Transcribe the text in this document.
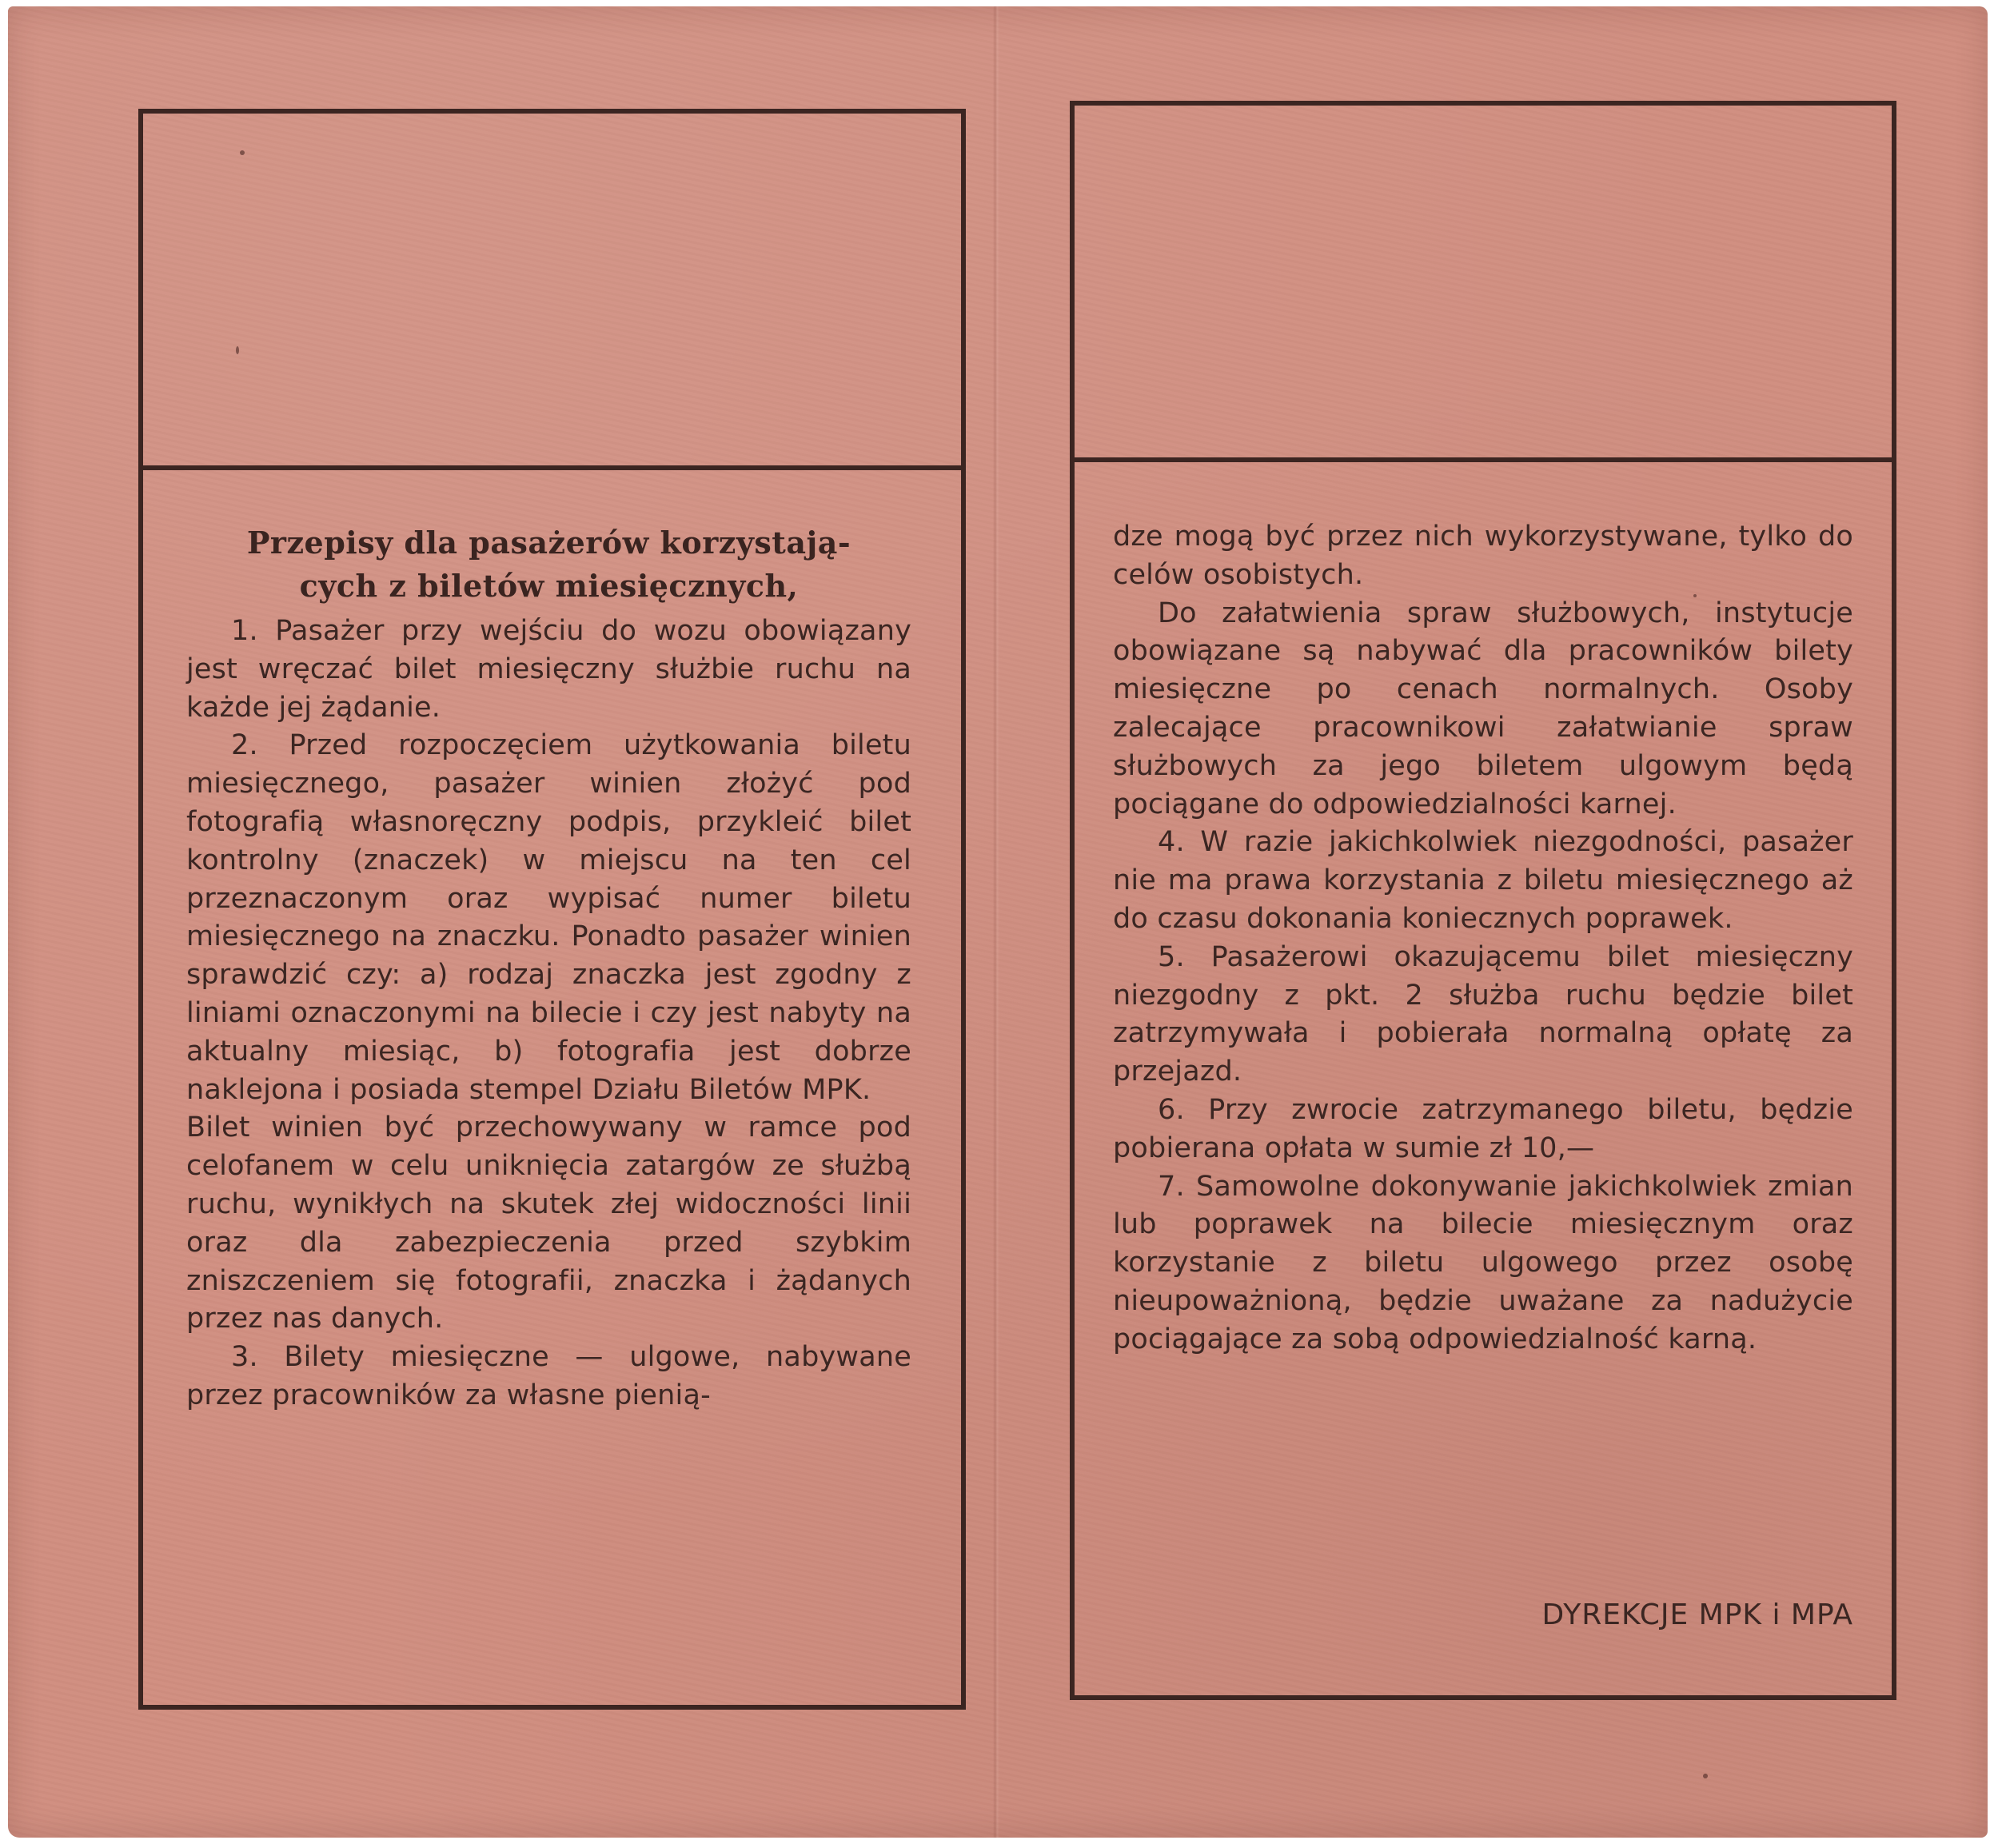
Przepisy dla pasażerów korzystają-
cych z biletów miesięcznych,

1. Pasażer przy wejściu do wozu obowiązany jest wręczać bilet miesięczny służbie ruchu na każde jej żądanie.

2. Przed rozpoczęciem użytkowania biletu miesięcznego, pasażer winien złożyć pod fotografią własnoręczny podpis, przykleić bilet kontrolny (znaczek) w miejscu na ten cel przeznaczonym oraz wypisać numer biletu miesięcznego na znaczku. Ponadto pasażer winien sprawdzić czy: a) rodzaj znaczka jest zgodny z liniami oznaczonymi na bilecie i czy jest nabyty na aktualny miesiąc, b) fotografia jest dobrze naklejona i posiada stempel Działu Biletów MPK.

Bilet winien być przechowywany w ramce pod celofanem w celu uniknięcia zatargów ze służbą ruchu, wynikłych na skutek złej widoczności linii oraz dla zabezpieczenia przed szybkim zniszczeniem się fotografii, znaczka i żądanych przez nas danych.

3. Bilety miesięczne — ulgowe, nabywane przez pracowników za własne pienią-

dze mogą być przez nich wykorzystywane, tylko do celów osobistych.

Do załatwienia spraw służbowych, instytucje obowiązane są nabywać dla pracowników bilety miesięczne po cenach normalnych. Osoby zalecające pracownikowi załatwianie spraw służbowych za jego biletem ulgowym będą pociągane do odpowiedzialności karnej.

4. W razie jakichkolwiek niezgodności, pasażer nie ma prawa korzystania z biletu miesięcznego aż do czasu dokonania koniecznych poprawek.

5. Pasażerowi okazującemu bilet miesięczny niezgodny z pkt. 2 służba ruchu będzie bilet zatrzymywała i pobierała normalną opłatę za przejazd.

6. Przy zwrocie zatrzymanego biletu, będzie pobierana opłata w sumie zł 10,—

7. Samowolne dokonywanie jakichkolwiek zmian lub poprawek na bilecie miesięcznym oraz korzystanie z biletu ulgowego przez osobę nieupoważnioną, będzie uważane za nadużycie pociągające za sobą odpowiedzialność karną.

DYREKCJE MPK i MPA
